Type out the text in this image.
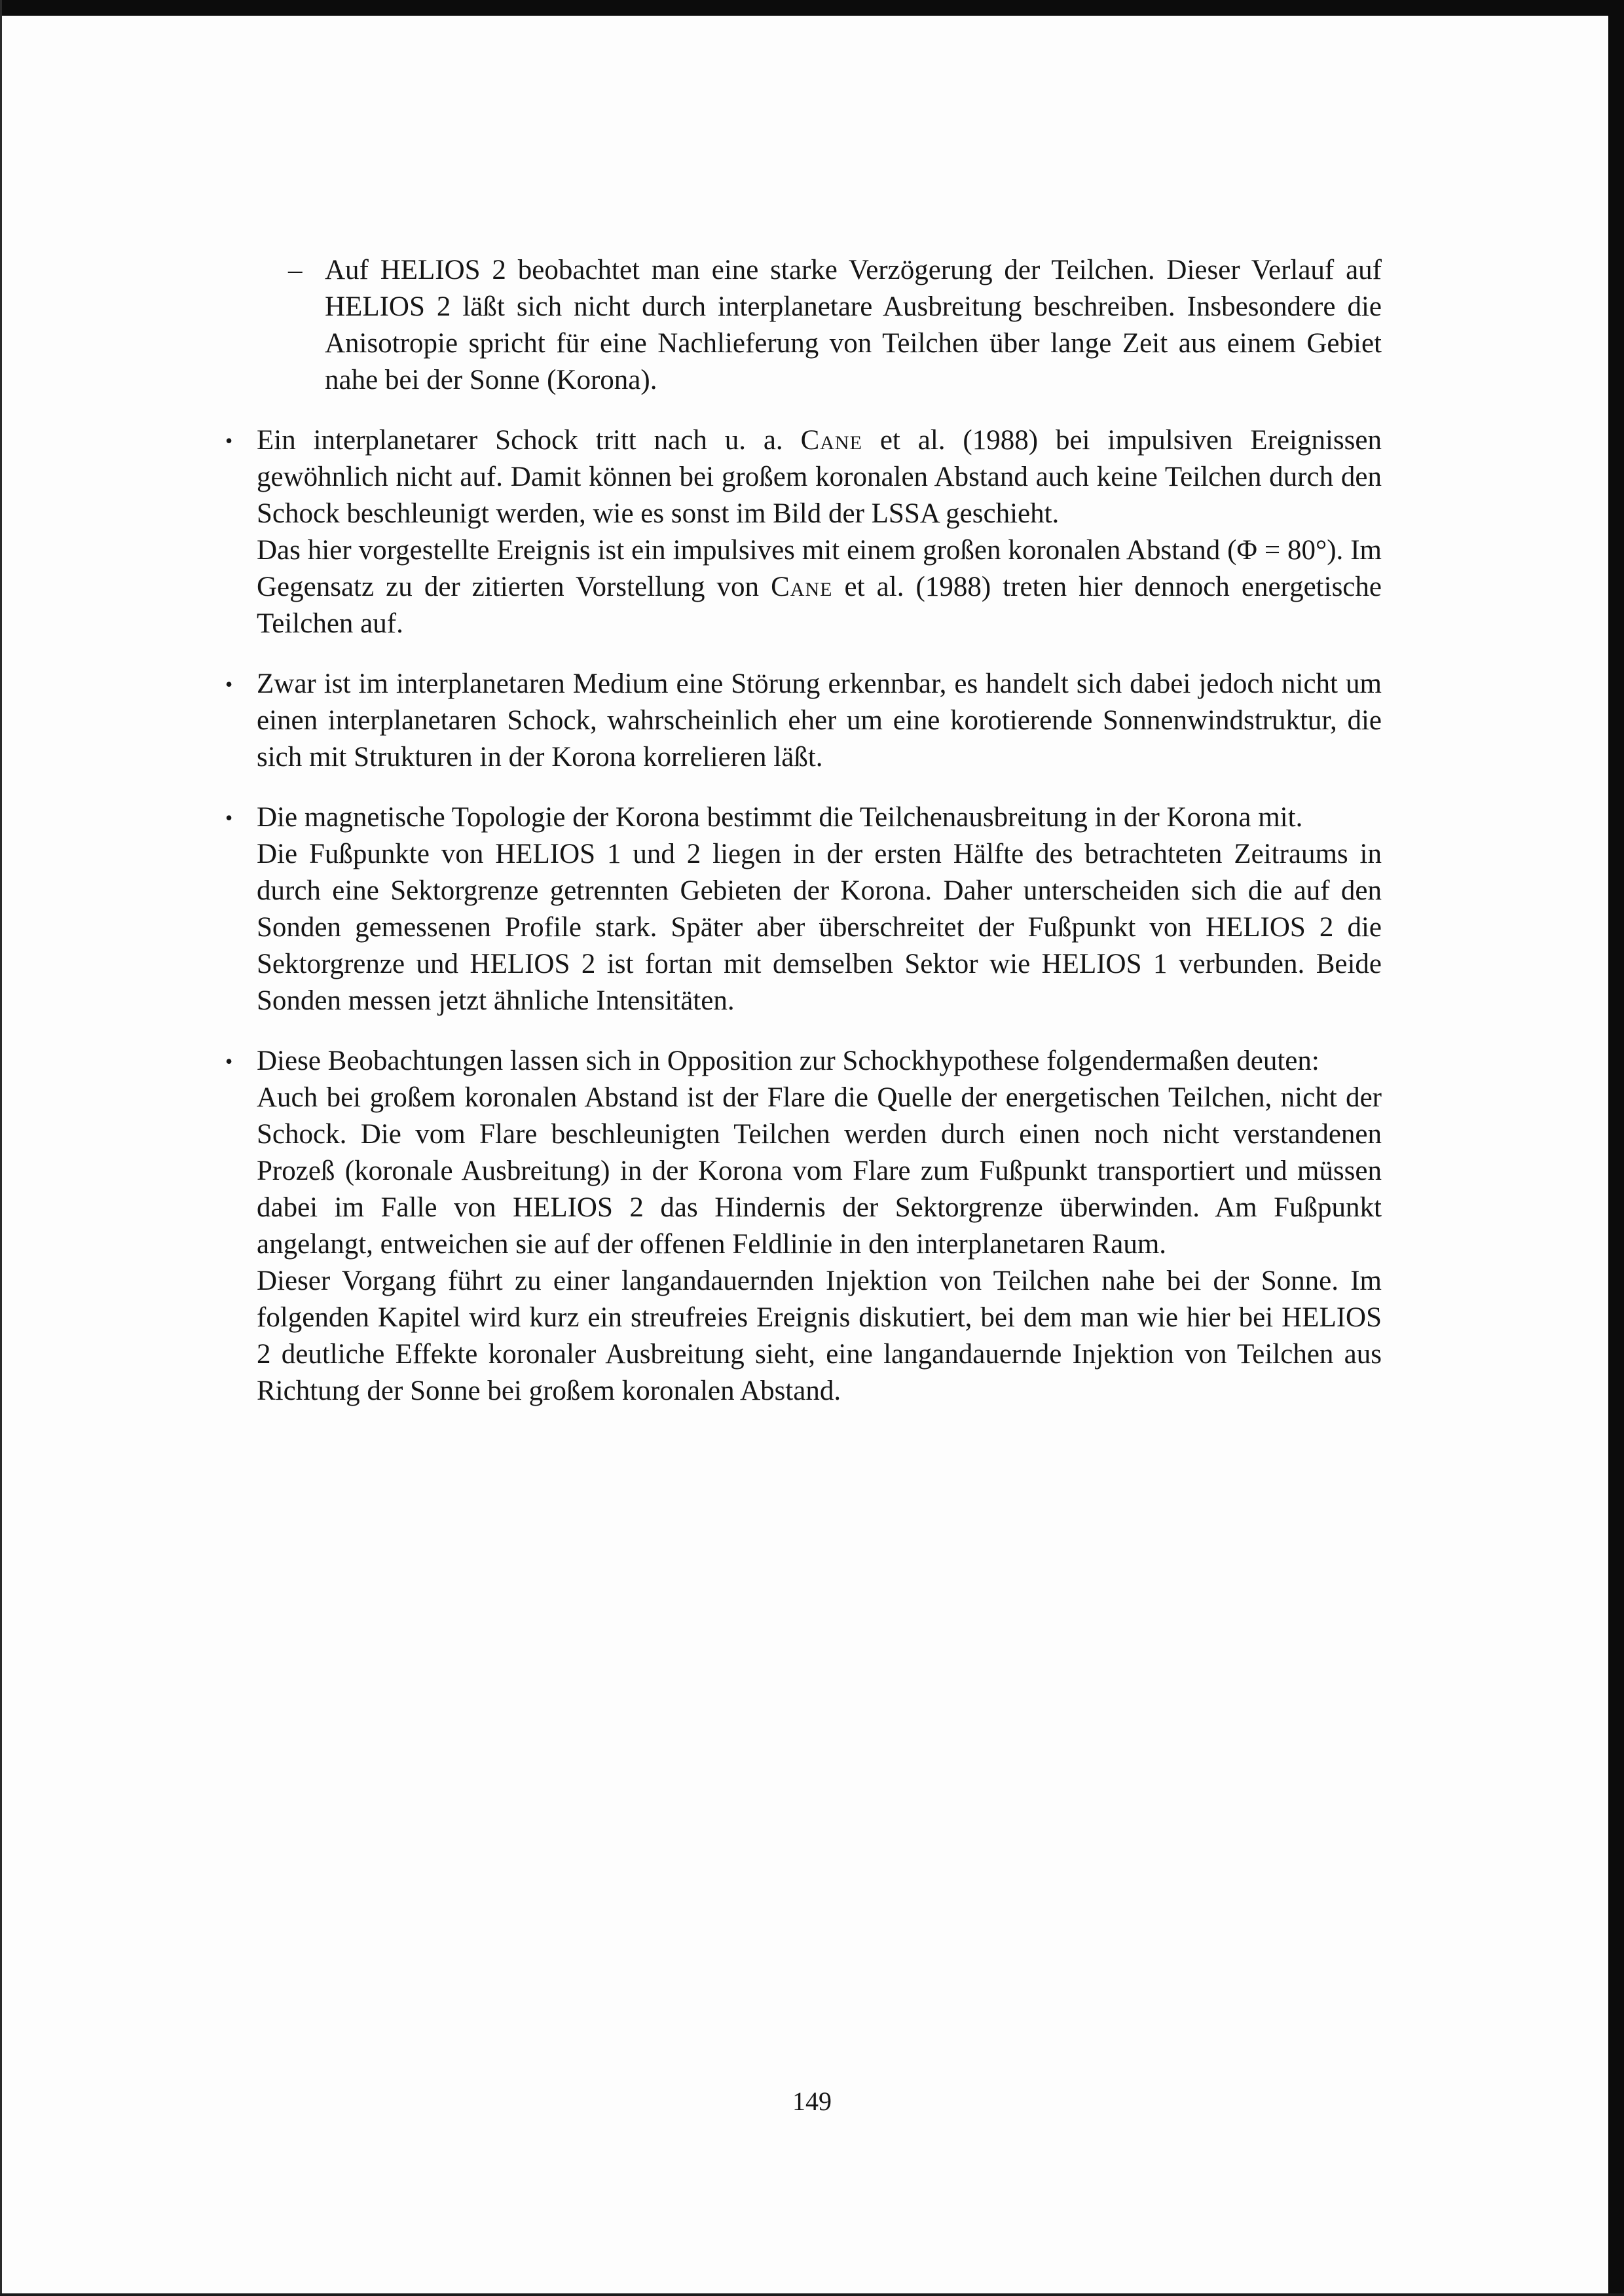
– Auf HELIOS 2 beobachtet man eine starke Verzögerung der Teilchen. Dieser Verlauf auf HELIOS 2 läßt sich nicht durch interplanetare Ausbreitung beschreiben. Insbesondere die Anisotropie spricht für eine Nachlieferung von Teilchen über lange Zeit aus einem Gebiet nahe bei der Sonne (Korona).

• Ein interplanetarer Schock tritt nach u. a. Cane et al. (1988) bei impulsiven Ereignissen gewöhnlich nicht auf. Damit können bei großem koronalen Abstand auch keine Teilchen durch den Schock beschleunigt werden, wie es sonst im Bild der LSSA geschieht.

Das hier vorgestellte Ereignis ist ein impulsives mit einem großen koronalen Abstand (Φ = 80°). Im Gegensatz zu der zitierten Vorstellung von Cane et al. (1988) treten hier dennoch energetische Teilchen auf.

• Zwar ist im interplanetaren Medium eine Störung erkennbar, es handelt sich dabei jedoch nicht um einen interplanetaren Schock, wahrscheinlich eher um eine korotierende Sonnenwindstruktur, die sich mit Strukturen in der Korona korrelieren läßt.

• Die magnetische Topologie der Korona bestimmt die Teilchenausbreitung in der Korona mit.

Die Fußpunkte von HELIOS 1 und 2 liegen in der ersten Hälfte des betrachteten Zeitraums in durch eine Sektorgrenze getrennten Gebieten der Korona. Daher unterscheiden sich die auf den Sonden gemessenen Profile stark. Später aber überschreitet der Fußpunkt von HELIOS 2 die Sektorgrenze und HELIOS 2 ist fortan mit demselben Sektor wie HELIOS 1 verbunden. Beide Sonden messen jetzt ähnliche Intensitäten.

• Diese Beobachtungen lassen sich in Opposition zur Schockhypothese folgendermaßen deuten:

Auch bei großem koronalen Abstand ist der Flare die Quelle der energetischen Teilchen, nicht der Schock. Die vom Flare beschleunigten Teilchen werden durch einen noch nicht verstandenen Prozeß (koronale Ausbreitung) in der Korona vom Flare zum Fußpunkt transportiert und müssen dabei im Falle von HELIOS 2 das Hindernis der Sektorgrenze überwinden. Am Fußpunkt angelangt, entweichen sie auf der offenen Feldlinie in den interplanetaren Raum.

Dieser Vorgang führt zu einer langandauernden Injektion von Teilchen nahe bei der Sonne. Im folgenden Kapitel wird kurz ein streufreies Ereignis diskutiert, bei dem man wie hier bei HELIOS 2 deutliche Effekte koronaler Ausbreitung sieht, eine langandauernde Injektion von Teilchen aus Richtung der Sonne bei großem koronalen Abstand.

149
